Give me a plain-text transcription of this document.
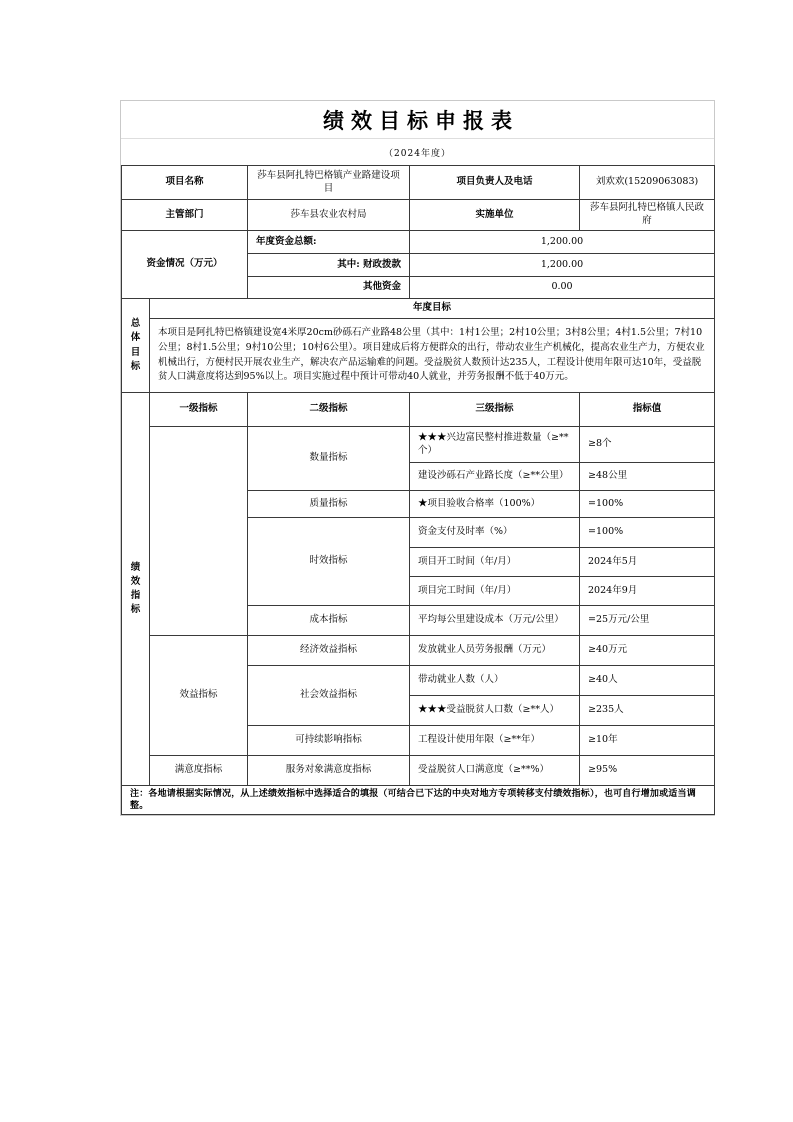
绩效目标申报表
（2024年度）
项目名称		莎车县阿扎特巴格镇产业路建设项目	项目负责人及电话	刘欢欢(15209063083)
主管部门		莎车县农业农村局	实施单位	莎车县阿扎特巴格镇人民政府
资金情况（万元）		年度资金总额:	1,200.00	
		其中: 财政拨款	1,200.00	
		其他资金	0.00	
总体目标	年度目标			
	本项目是阿扎特巴格镇建设宽4米厚20cm砂砾石产业路48公里（其中：1村1公里；2村10公里；3村8公里；4村1.5公里；7村10公里；8村1.5公里；9村10公里；10村6公里）。项目建成后将方便群众的出行，带动农业生产机械化，提高农业生产力，方便农业机械出行，方便村民开展农业生产，解决农产品运输难的问题。受益脱贫人数预计达235人，工程设计使用年限可达10年，受益脱贫人口满意度将达到95%以上。项目实施过程中预计可带动40人就业，并劳务报酬不低于40万元。			
绩效指标	一级指标	二级指标	三级指标	指标值
		数量指标	★★★兴边富民整村推进数量（≥**个）	≥8个
			建设沙砾石产业路长度（≥**公里）	≥48公里
		质量指标	★项目验收合格率（100%）	=100%
		时效指标	资金支付及时率（%）	=100%
			项目开工时间（年/月）	2024年5月
			项目完工时间（年/月）	2024年9月
		成本指标	平均每公里建设成本（万元/公里）	=25万元/公里
	效益指标	经济效益指标	发放就业人员劳务报酬（万元）	≥40万元
		社会效益指标	带动就业人数（人）	≥40人
			★★★受益脱贫人口数（≥**人）	≥235人
		可持续影响指标	工程设计使用年限（≥**年）	≥10年
	满意度指标	服务对象满意度指标	受益脱贫人口满意度（≥**%）	≥95%
注：各地请根据实际情况，从上述绩效指标中选择适合的填报（可结合已下达的中央对地方专项转移支付绩效指标），也可自行增加或适当调整。				
